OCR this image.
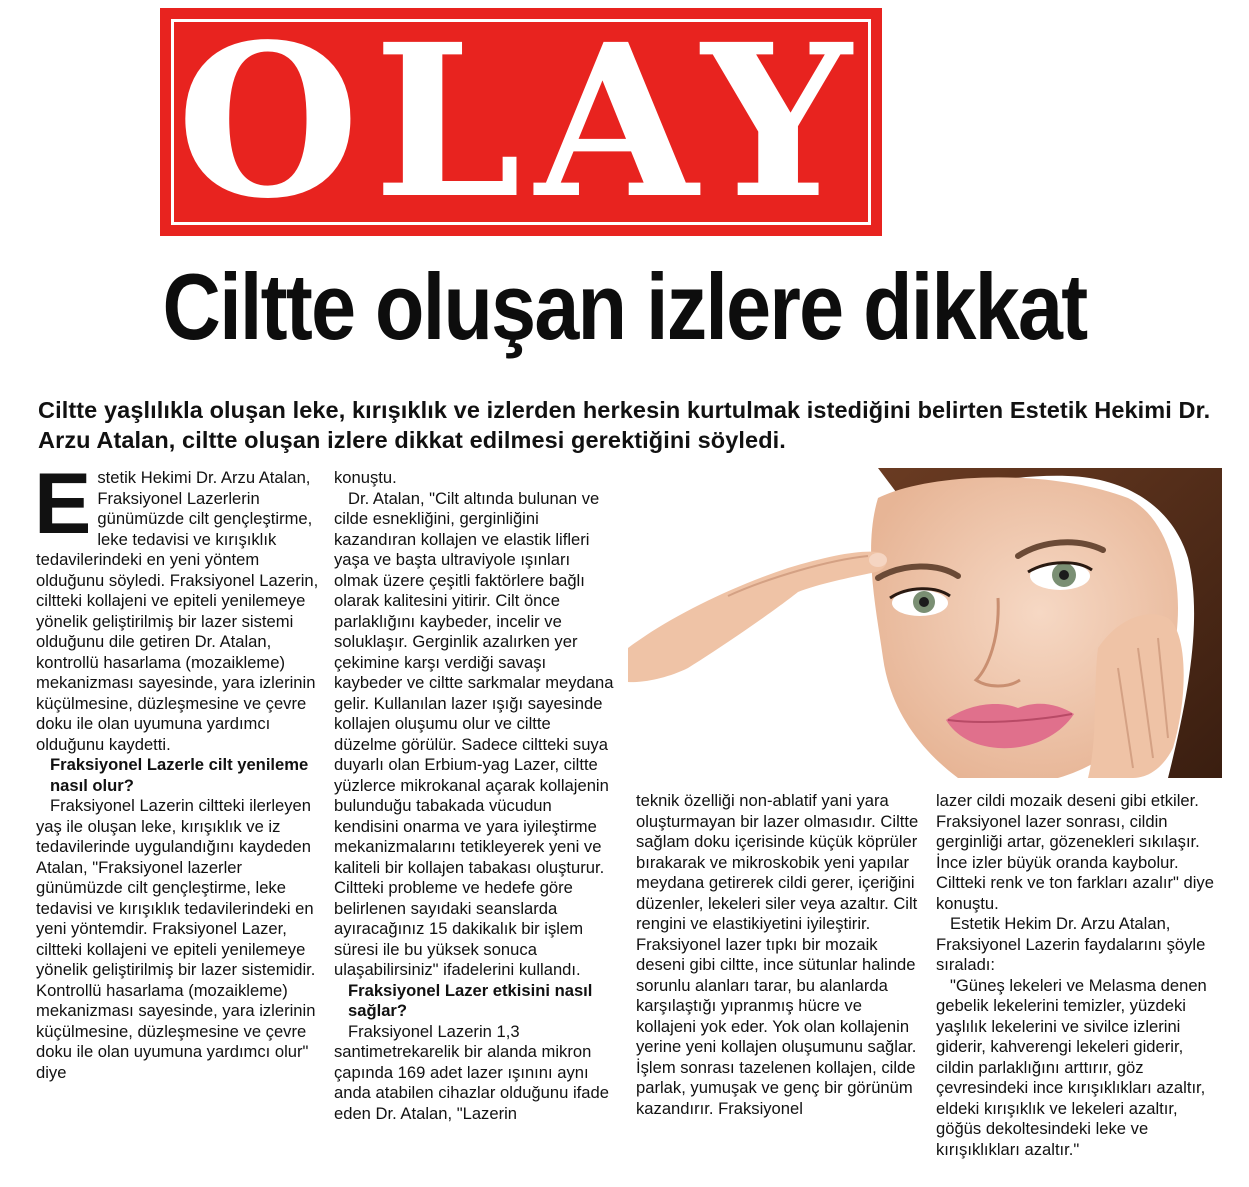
OLAY
Ciltte oluşan izlere dikkat
Ciltte yaşlılıkla oluşan leke, kırışıklık ve izlerden herkesin kurtulmak istediğini belirten Estetik Hekimi Dr. Arzu Atalan, ciltte oluşan izlere dikkat edilmesi gerektiğini söyledi.

Estetik Hekimi Dr. Arzu Atalan, Fraksiyonel Lazerlerin günümüzde cilt gençleştirme, leke tedavisi ve kırışıklık tedavilerindeki en yeni yöntem olduğunu söyledi. Fraksiyonel Lazerin, ciltteki kollajeni ve epiteli yenilemeye yönelik geliştirilmiş bir lazer sistemi olduğunu dile getiren Dr. Atalan, kontrollü hasarlama (mozaikleme) mekanizması sayesinde, yara izlerinin küçülmesine, düzleşmesine ve çevre doku ile olan uyumuna yardımcı olduğunu kaydetti.

Fraksiyonel Lazerle cilt yenileme nasıl olur?

Fraksiyonel Lazerin ciltteki ilerleyen yaş ile oluşan leke, kırışıklık ve iz tedavilerinde uygulandığını kaydeden Atalan, "Fraksiyonel lazerler günümüzde cilt gençleştirme, leke tedavisi ve kırışıklık tedavilerindeki en yeni yöntemdir. Fraksiyonel Lazer, ciltteki kollajeni ve epiteli yenilemeye yönelik geliştirilmiş bir lazer sistemidir. Kontrollü hasarlama (mozaikleme) mekanizması sayesinde, yara izlerinin küçülmesine, düzleşmesine ve çevre doku ile olan uyumuna yardımcı olur" diye

konuştu.

Dr. Atalan, "Cilt altında bulunan ve cilde esnekliğini, gerginliğini kazandıran kollajen ve elastik lifleri yaşa ve başta ultraviyole ışınları olmak üzere çeşitli faktörlere bağlı olarak kalitesini yitirir. Cilt önce parlaklığını kaybeder, incelir ve soluklaşır. Gerginlik azalırken yer çekimine karşı verdiği savaşı kaybeder ve ciltte sarkmalar meydana gelir. Kullanılan lazer ışığı sayesinde kollajen oluşumu olur ve ciltte düzelme görülür. Sadece ciltteki suya duyarlı olan Erbium-yag Lazer, ciltte yüzlerce mikrokanal açarak kollajenin bulunduğu tabakada vücudun kendisini onarma ve yara iyileştirme mekanizmalarını tetikleyerek yeni ve kaliteli bir kollajen tabakası oluşturur. Ciltteki probleme ve hedefe göre belirlenen sayıdaki seanslarda ayıracağınız 15 dakikalık bir işlem süresi ile bu yüksek sonuca ulaşabilirsiniz" ifadelerini kullandı.

Fraksiyonel Lazer etkisini nasıl sağlar?

Fraksiyonel Lazerin 1,3 santimetrekarelik bir alanda mikron çapında 169 adet lazer ışınını aynı anda atabilen cihazlar olduğunu ifade eden Dr. Atalan, "Lazerin

teknik özelliği non-ablatif yani yara oluşturmayan bir lazer olmasıdır. Ciltte sağlam doku içerisinde küçük köprüler bırakarak ve mikroskobik yeni yapılar meydana getirerek cildi gerer, içeriğini düzenler, lekeleri siler veya azaltır. Cilt rengini ve elastikiyetini iyileştirir. Fraksiyonel lazer tıpkı bir mozaik deseni gibi ciltte, ince sütunlar halinde sorunlu alanları tarar, bu alanlarda karşılaştığı yıpranmış hücre ve kollajeni yok eder. Yok olan kollajenin yerine yeni kollajen oluşumunu sağlar. İşlem sonrası tazelenen kollajen, cilde parlak, yumuşak ve genç bir görünüm kazandırır. Fraksiyonel

lazer cildi mozaik deseni gibi etkiler. Fraksiyonel lazer sonrası, cildin gerginliği artar, gözenekleri sıkılaşır. İnce izler büyük oranda kaybolur. Ciltteki renk ve ton farkları azalır" diye konuştu.

Estetik Hekim Dr. Arzu Atalan, Fraksiyonel Lazerin faydalarını şöyle sıraladı:

"Güneş lekeleri ve Melasma denen gebelik lekelerini temizler, yüzdeki yaşlılık lekelerini ve sivilce izlerini giderir, kahverengi lekeleri giderir, cildin parlaklığını arttırır, göz çevresindeki ince kırışıklıkları azaltır, eldeki kırışıklık ve lekeleri azaltır, göğüs dekoltesindeki leke ve kırışıklıkları azaltır."
